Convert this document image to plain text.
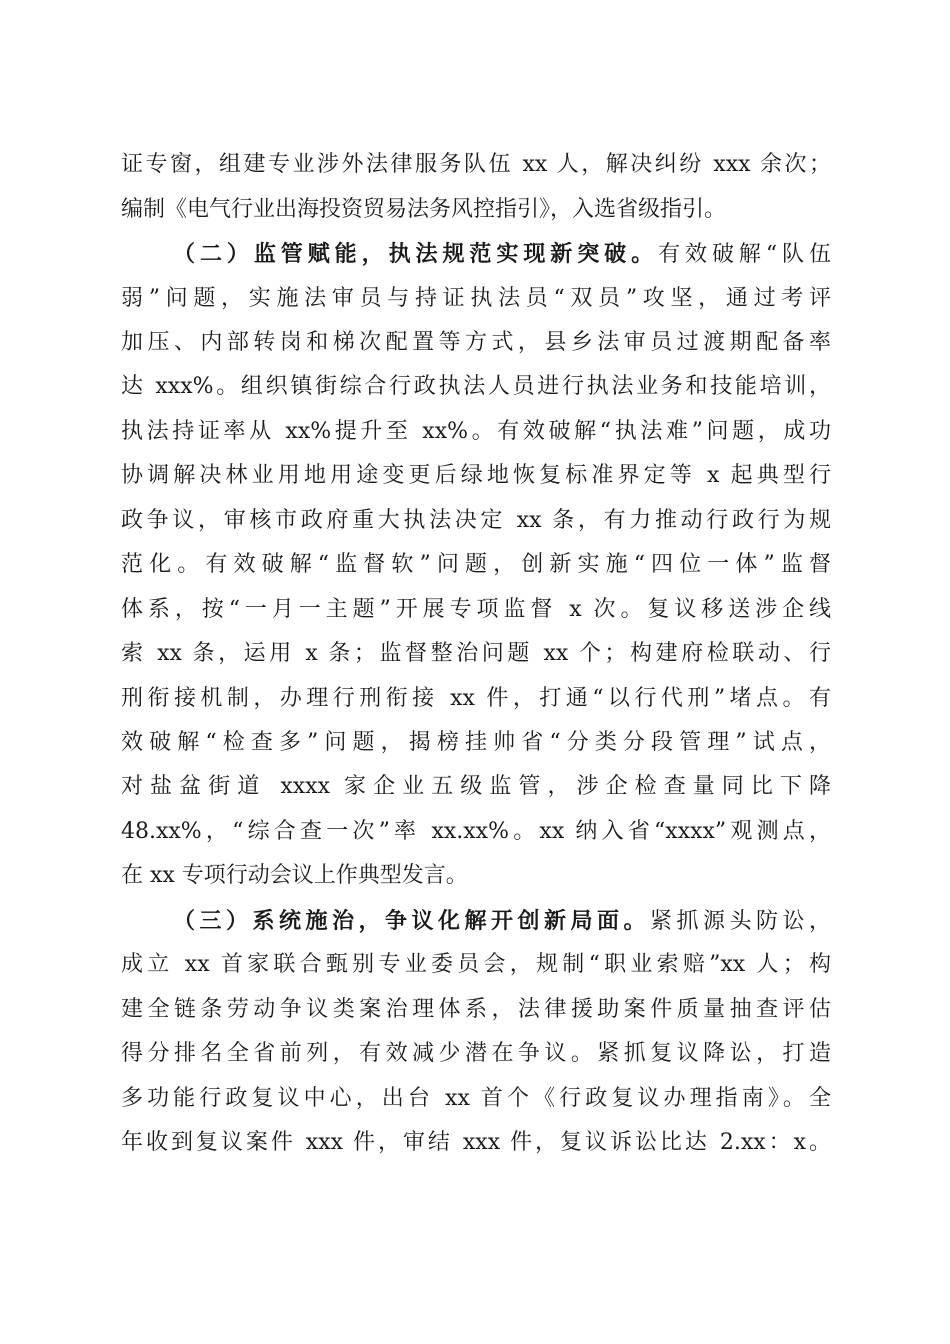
证专窗，组建专业涉外法律服务队伍 xx 人，解决纠纷 xxx 余次；
编制《电气行业出海投资贸易法务风控指引》，入选省级指引。
（二）监管赋能，执法规范实现新突破。有效破解“队伍
弱”问题，实施法审员与持证执法员“双员”攻坚，通过考评
加压、内部转岗和梯次配置等方式，县乡法审员过渡期配备率
达 xxx%。组织镇街综合行政执法人员进行执法业务和技能培训，
执法持证率从 xx%提升至 xx%。有效破解“执法难”问题，成功
协调解决林业用地用途变更后绿地恢复标准界定等 x 起典型行
政争议，审核市政府重大执法决定 xx 条，有力推动行政行为规
范化。有效破解“监督软”问题，创新实施“四位一体”监督
体系，按“一月一主题”开展专项监督 x 次。复议移送涉企线
索 xx 条，运用 x 条；监督整治问题 xx 个；构建府检联动、行
刑衔接机制，办理行刑衔接 xx 件，打通“以行代刑”堵点。有
效破解“检查多”问题，揭榜挂帅省“分类分段管理”试点，
对盐盆街道 xxxx 家企业五级监管，涉企检查量同比下降
48.xx%，“综合查一次”率 xx.xx%。xx 纳入省“xxxx”观测点，
在 xx 专项行动会议上作典型发言。
（三）系统施治，争议化解开创新局面。紧抓源头防讼，
成立 xx 首家联合甄别专业委员会，规制“职业索赔”xx 人；构
建全链条劳动争议类案治理体系，法律援助案件质量抽查评估
得分排名全省前列，有效减少潜在争议。紧抓复议降讼，打造
多功能行政复议中心，出台 xx 首个《行政复议办理指南》。全
年收到复议案件 xxx 件，审结 xxx 件，复议诉讼比达 2.xx：x。
